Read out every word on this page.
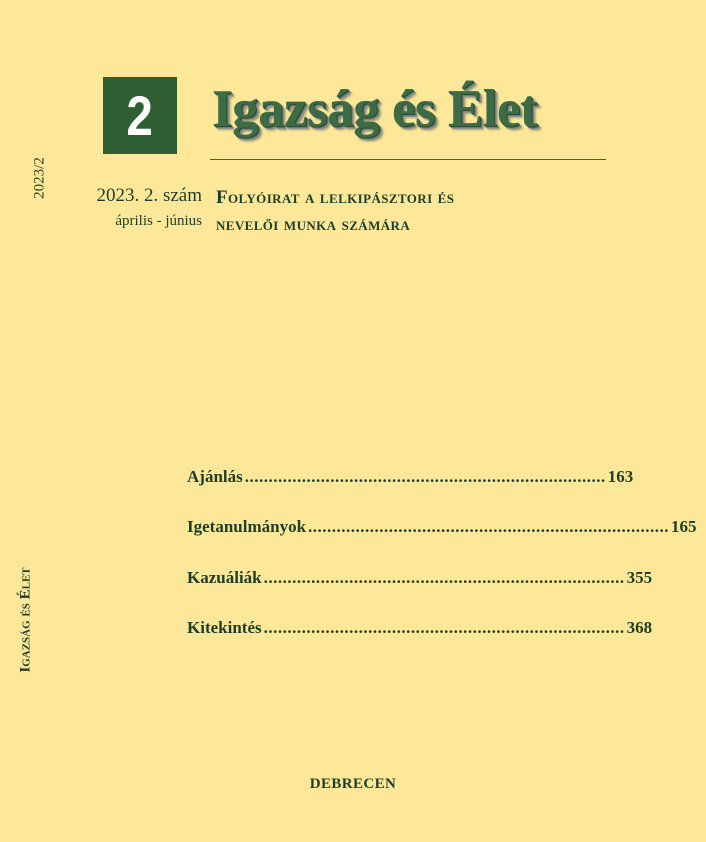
2023/2
Igazság és Élet
2 Igazság és Élet
2023. 2. szám
április - június
Folyóirat a lelkipásztori és
nevelői munka számára
Ajánlás ............................................................................ 163
Igetanulmányok ............................................................................ 165
Kazuáliák ............................................................................ 355
Kitekintés ............................................................................ 368
DEBRECEN
